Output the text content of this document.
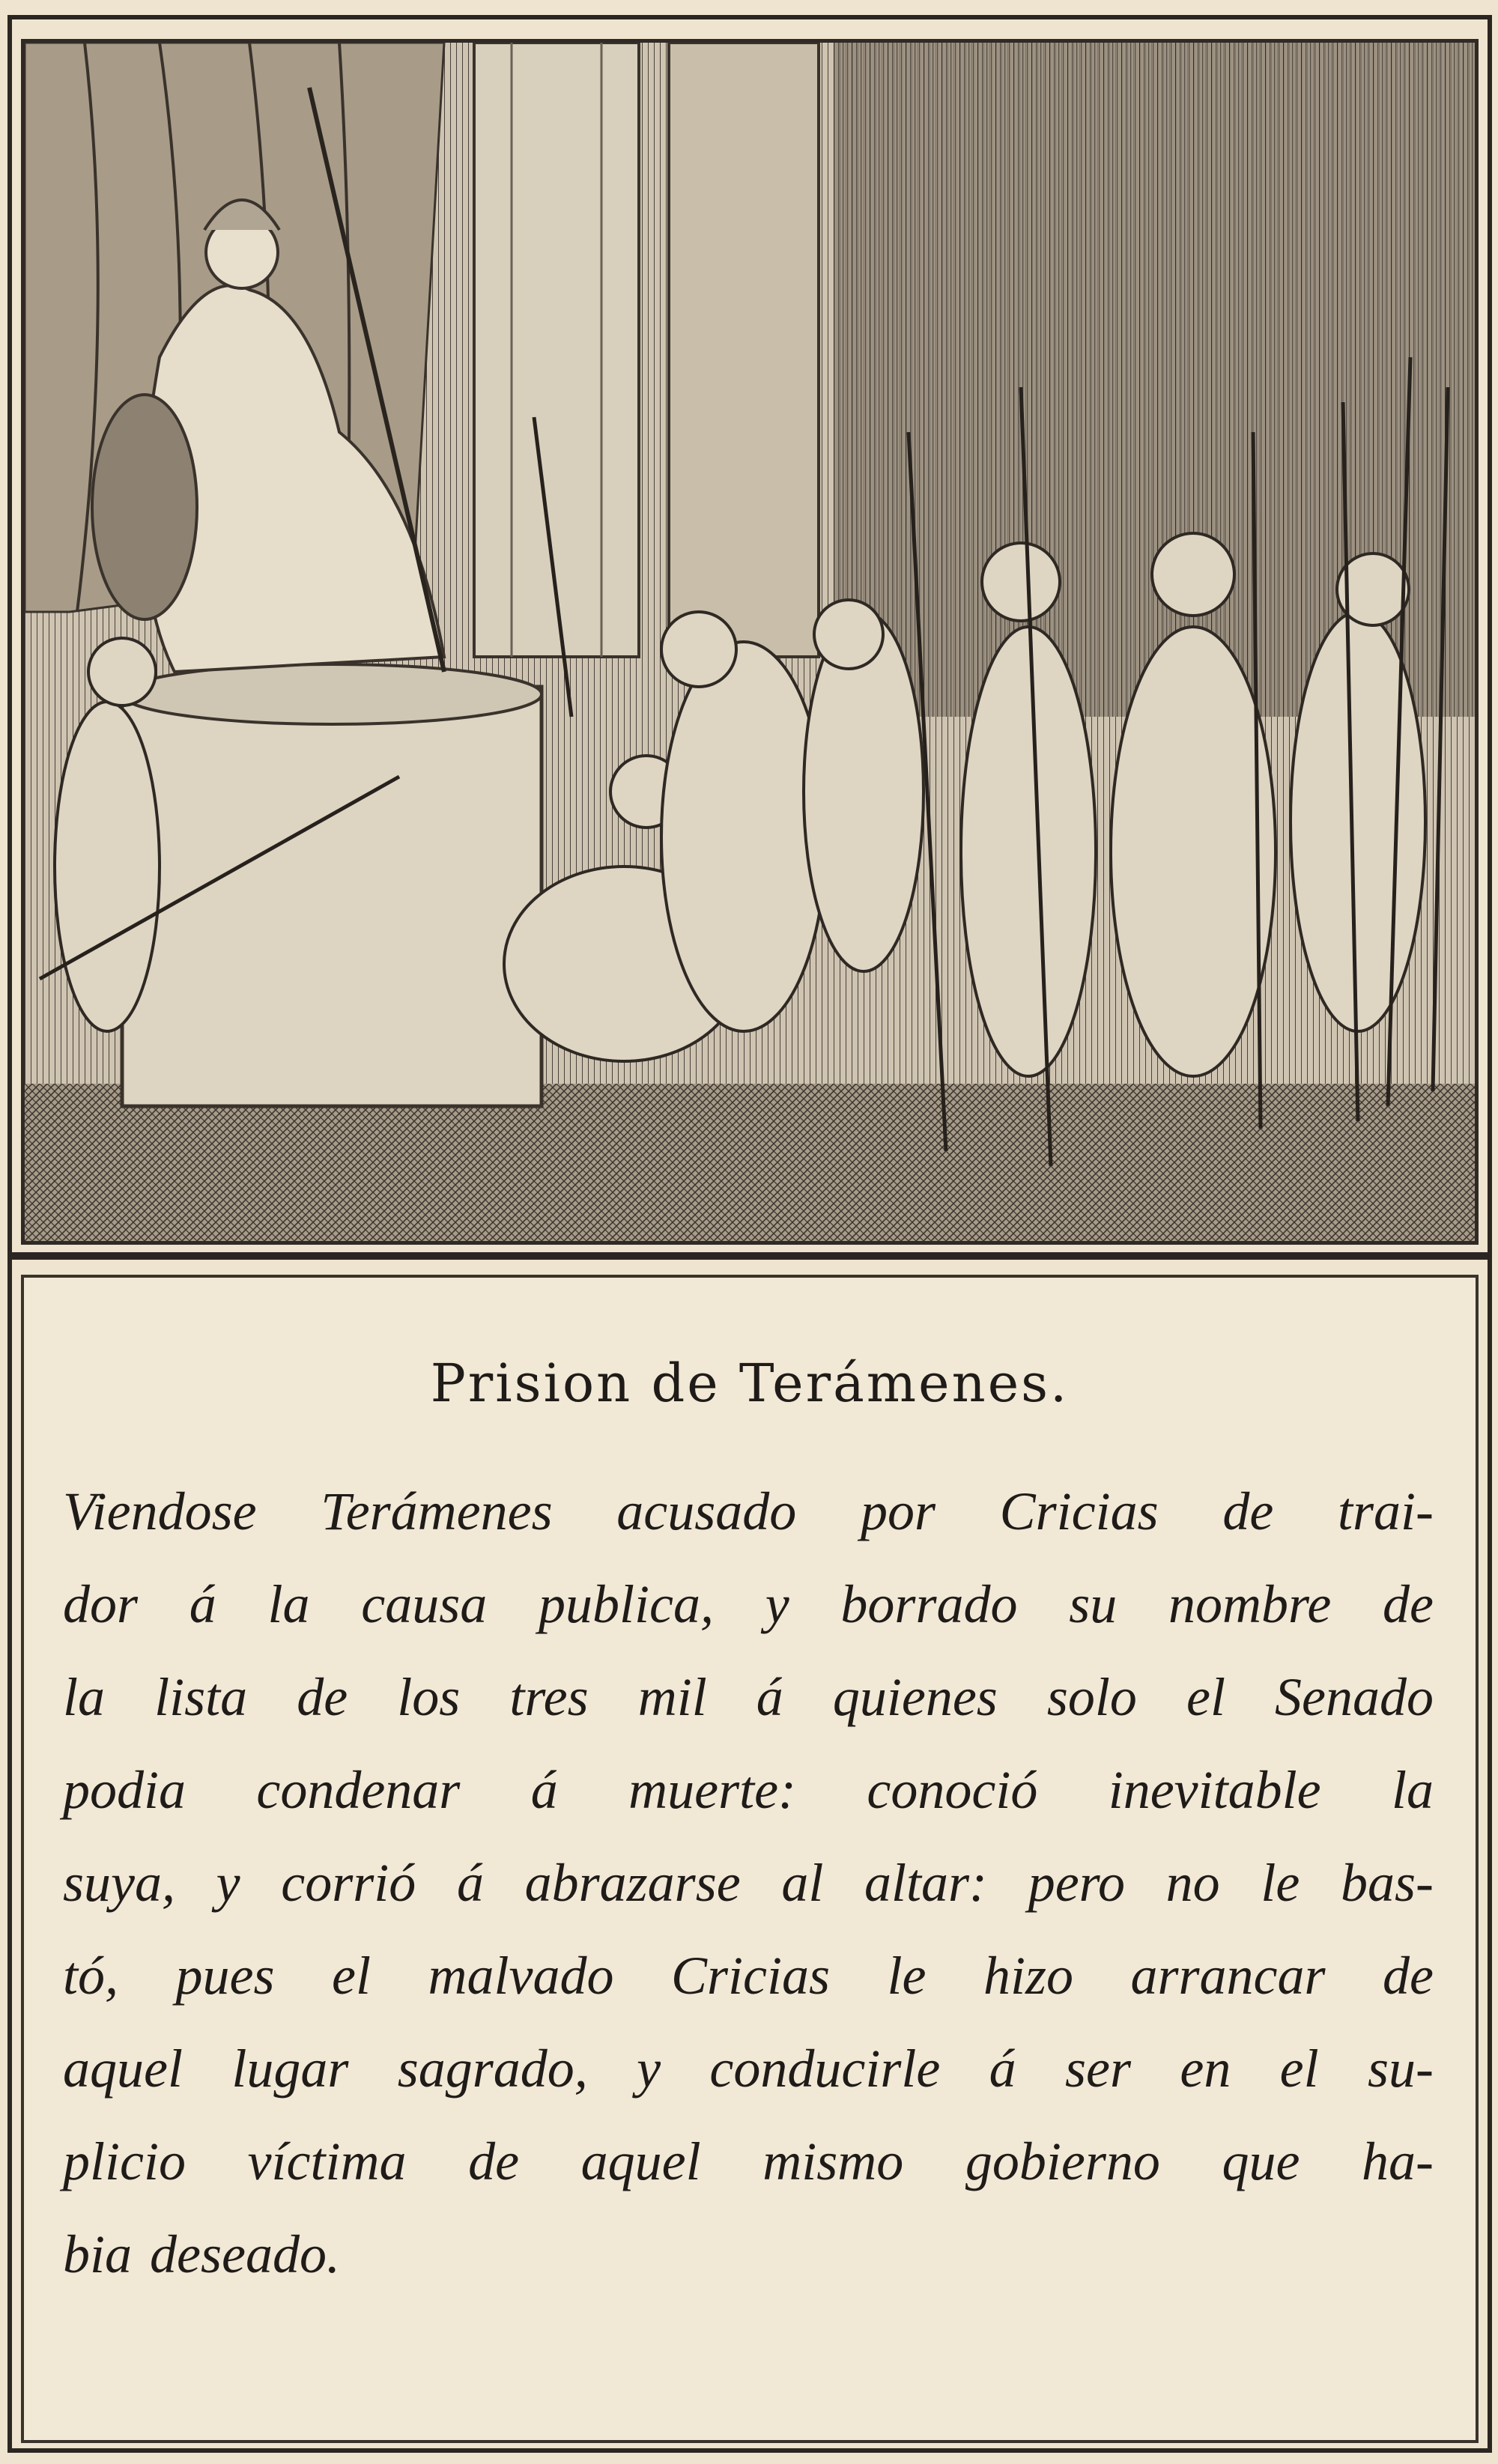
Prision de Terámenes.
Viendose Terámenes acusado por Cricias de trai-
dor á la causa publica, y borrado su nombre de
la lista de los tres mil á quienes solo el Senado
podia condenar á muerte: conoció inevitable la
suya, y corrió á abrazarse al altar: pero no le bas-
tó, pues el malvado Cricias le hizo arrancar de
aquel lugar sagrado, y conducirle á ser en el su-
plicio víctima de aquel mismo gobierno que ha-
bia deseado.
